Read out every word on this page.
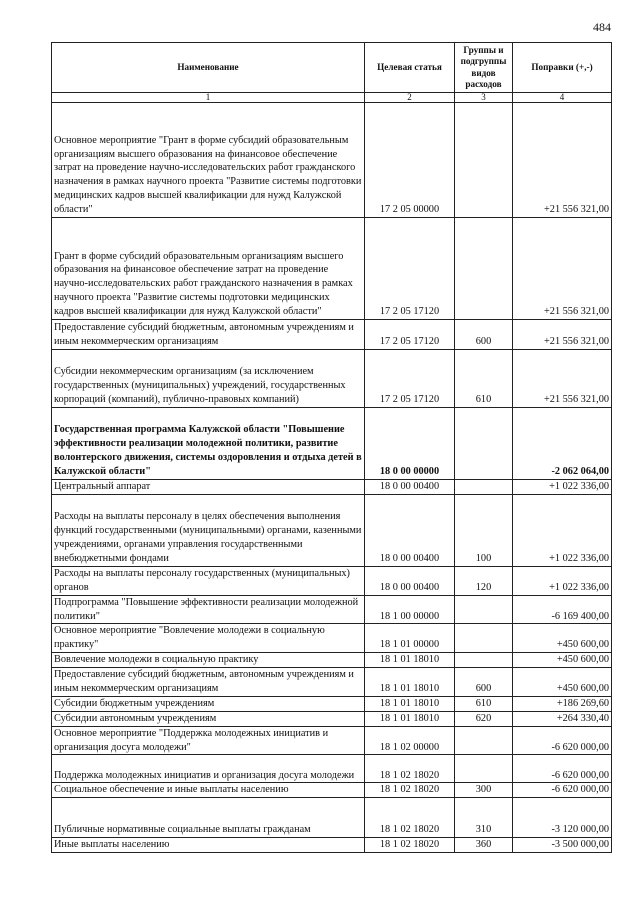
484
Наименование	Целевая статья	Группы и подгруппы видов расходов	Поправки (+,-)
1	2	3	4
Основное мероприятие "Грант в форме субсидий образовательным организациям высшего образования на финансовое обеспечение затрат на проведение научно-исследовательских работ гражданского назначения в рамках научного проекта "Развитие системы подготовки медицинских кадров высшей квалификации для нужд Калужской области"	17 2 05 00000		+21 556 321,00
Грант в форме субсидий образовательным организациям высшего образования на финансовое обеспечение затрат на проведение научно-исследовательских работ гражданского назначения в рамках научного проекта "Развитие системы подготовки медицинских кадров высшей квалификации для нужд Калужской области"	17 2 05 17120		+21 556 321,00
Предоставление субсидий бюджетным, автономным учреждениям и иным некоммерческим организациям	17 2 05 17120	600	+21 556 321,00
Субсидии некоммерческим организациям (за исключением государственных (муниципальных) учреждений, государственных корпораций (компаний), публично-правовых компаний)	17 2 05 17120	610	+21 556 321,00
Государственная программа Калужской области "Повышение эффективности реализации молодежной политики, развитие волонтерского движения, системы оздоровления и отдыха детей в Калужской области"	18 0 00 00000		-2 062 064,00
Центральный аппарат	18 0 00 00400		+1 022 336,00
Расходы на выплаты персоналу в целях обеспечения выполнения функций государственными (муниципальными) органами, казенными учреждениями, органами управления государственными внебюджетными фондами	18 0 00 00400	100	+1 022 336,00
Расходы на выплаты персоналу государственных (муниципальных) органов	18 0 00 00400	120	+1 022 336,00
Подпрограмма "Повышение эффективности реализации молодежной политики"	18 1 00 00000		-6 169 400,00
Основное мероприятие "Вовлечение молодежи в социальную практику"	18 1 01 00000		+450 600,00
Вовлечение молодежи в социальную практику	18 1 01 18010		+450 600,00
Предоставление субсидий бюджетным, автономным учреждениям и иным некоммерческим организациям	18 1 01 18010	600	+450 600,00
Субсидии бюджетным учреждениям	18 1 01 18010	610	+186 269,60
Субсидии автономным учреждениям	18 1 01 18010	620	+264 330,40
Основное мероприятие "Поддержка молодежных инициатив и организация досуга молодежи"	18 1 02 00000		-6 620 000,00
Поддержка молодежных инициатив и организация досуга молодежи	18 1 02 18020		-6 620 000,00
Социальное обеспечение и иные выплаты населению	18 1 02 18020	300	-6 620 000,00
Публичные нормативные социальные выплаты гражданам	18 1 02 18020	310	-3 120 000,00
Иные выплаты населению	18 1 02 18020	360	-3 500 000,00
